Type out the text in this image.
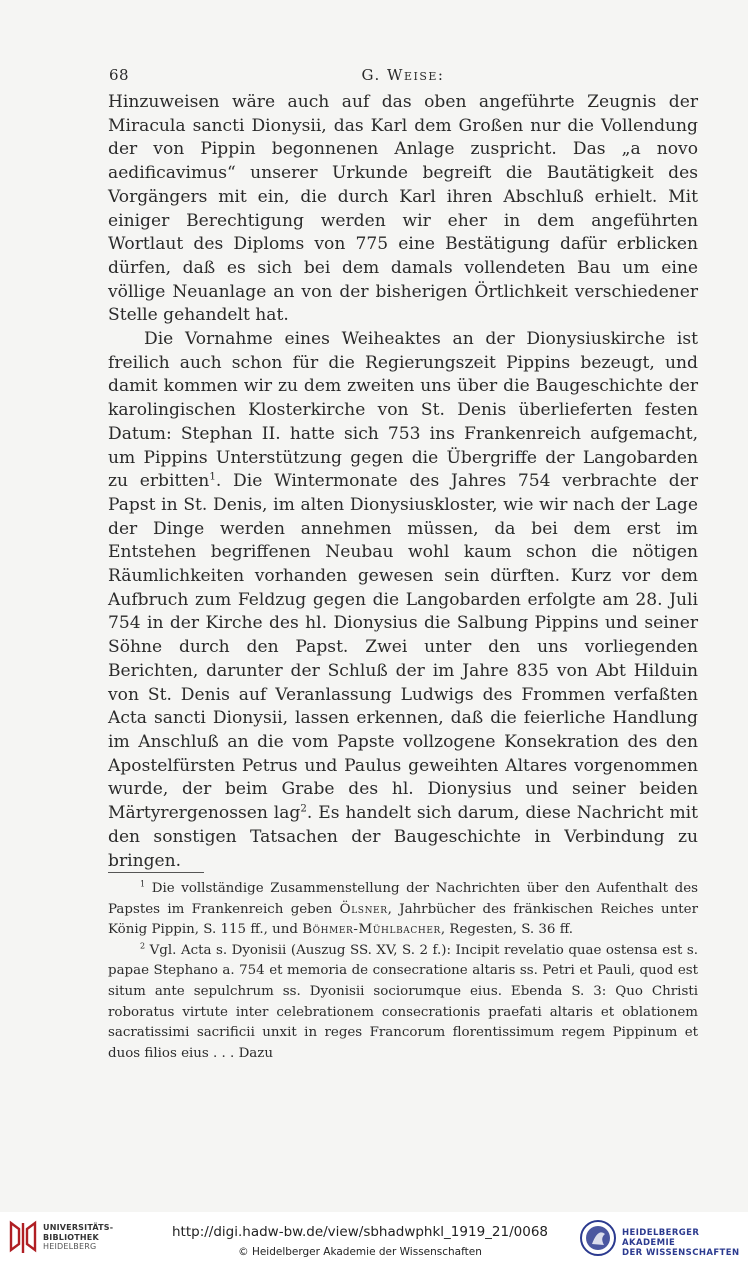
68	G. Weise:

Hinzuweisen wäre auch auf das oben angeführte Zeugnis der Miracula sancti Dionysii, das Karl dem Großen nur die Vollendung der von Pippin begonnenen Anlage zuspricht. Das „a novo aedificavimus“ unserer Urkunde begreift die Bautätigkeit des Vorgängers mit ein, die durch Karl ihren Abschluß erhielt. Mit einiger Berechtigung werden wir eher in dem angeführten Wortlaut des Diploms von 775 eine Bestätigung dafür erblicken dürfen, daß es sich bei dem damals vollendeten Bau um eine völlige Neuanlage an von der bisherigen Örtlichkeit verschiedener Stelle gehandelt hat.

Die Vornahme eines Weiheaktes an der Dionysiuskirche ist freilich auch schon für die Regierungszeit Pippins bezeugt, und damit kommen wir zu dem zweiten uns über die Baugeschichte der karolingischen Klosterkirche von St. Denis überlieferten festen Datum: Stephan II. hatte sich 753 ins Frankenreich aufgemacht, um Pippins Unterstützung gegen die Übergriffe der Langobarden zu erbitten$^1$. Die Wintermonate des Jahres 754 verbrachte der Papst in St. Denis, im alten Dionysiuskloster, wie wir nach der Lage der Dinge werden annehmen müssen, da bei dem erst im Entstehen begriffenen Neubau wohl kaum schon die nötigen Räumlichkeiten vorhanden gewesen sein dürften. Kurz vor dem Aufbruch zum Feldzug gegen die Langobarden erfolgte am 28. Juli 754 in der Kirche des hl. Dionysius die Salbung Pippins und seiner Söhne durch den Papst. Zwei unter den uns vorliegenden Berichten, darunter der Schluß der im Jahre 835 von Abt Hilduin von St. Denis auf Veranlassung Ludwigs des Frommen verfaßten Acta sancti Dionysii, lassen erkennen, daß die feierliche Handlung im Anschluß an die vom Papste vollzogene Konsekration des den Apostelfürsten Petrus und Paulus geweihten Altares vorgenommen wurde, der beim Grabe des hl. Dionysius und seiner beiden Märtyrergenossen lag$^2$. Es handelt sich darum, diese Nachricht mit den sonstigen Tatsachen der Baugeschichte in Verbindung zu bringen.

$^1$ Die vollständige Zusammenstellung der Nachrichten über den Aufenthalt des Papstes im Frankenreich geben Ölsner, Jahrbücher des fränkischen Reiches unter König Pippin, S. 115 ff., und Böhmer-Mühlbacher, Regesten, S. 36 ff.

$^2$ Vgl. Acta s. Dyonisii (Auszug SS. XV, S. 2 f.): Incipit revelatio quae ostensa est s. papae Stephano a. 754 et memoria de consecratione altaris ss. Petri et Pauli, quod est situm ante sepulchrum ss. Dyonisii sociorumque eius. Ebenda S. 3: Quo Christi roboratus virtute inter celebrationem consecrationis praefati altaris et oblationem sacratissimi sacrificii unxit in reges Francorum florentissimum regem Pippinum et duos filios eius . . . Dazu

UNIVERSITÄTS-
BIBLIOTHEK
HEIDELBERG
http://digi.hadw-bw.de/view/sbhadwphkl_1919_21/0068
© Heidelberger Akademie der Wissenschaften
HEIDELBERGER AKADEMIE
DER WISSENSCHAFTEN
